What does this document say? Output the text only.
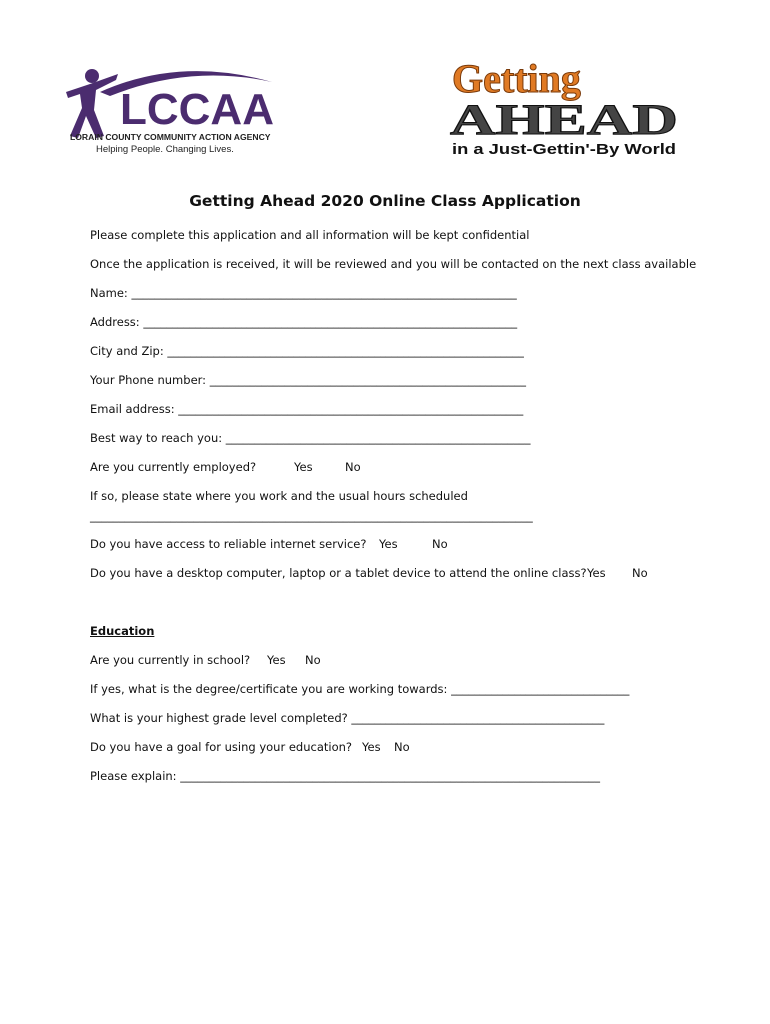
LCCAA
LORAIN COUNTY COMMUNITY ACTION AGENCY
Helping People. Changing Lives.
Getting
AHEAD
in a Just-Gettin'-By World
Getting Ahead 2020 Online Class Application
Please complete this application and all information will be kept confidential
Once the application is received, it will be reviewed and you will be contacted on the next class available
Name: ___________________________________________________________________
Address: _________________________________________________________________
City and Zip: ______________________________________________________________
Your Phone number: _______________________________________________________
Email address: ____________________________________________________________
Best way to reach you: _____________________________________________________
Are you currently employed?	Yes	No
If so, please state where you work and the usual hours scheduled
_____________________________________________________________________________
Do you have access to reliable internet service? Yes	No
Do you have a desktop computer, laptop or a tablet device to attend the online class? Yes No
Education
Are you currently in school? Yes No
If yes, what is the degree/certificate you are working towards: _______________________________
What is your highest grade level completed? ____________________________________________
Do you have a goal for using your education? Yes No
Please explain: _________________________________________________________________________
